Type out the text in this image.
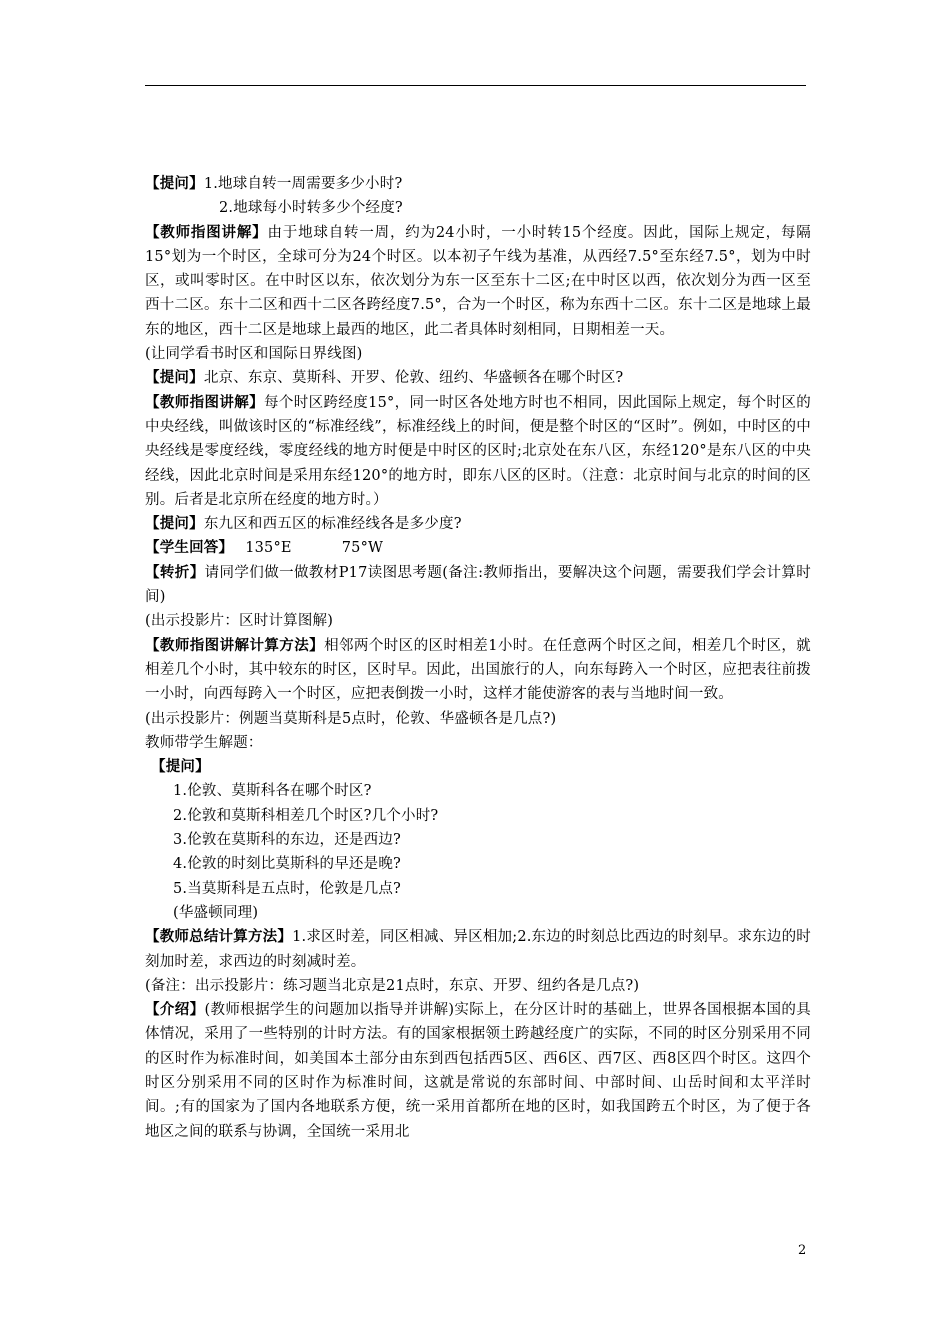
【提问】1.地球自转一周需要多少小时?

2.地球每小时转多少个经度?

【教师指图讲解】由于地球自转一周，约为24小时，一小时转15个经度。因此，国际上规定，每隔15°划为一个时区，全球可分为24个时区。以本初子午线为基准，从西经7.5°至东经7.5°，划为中时区，或叫零时区。在中时区以东，依次划分为东一区至东十二区;在中时区以西，依次划分为西一区至西十二区。东十二区和西十二区各跨经度7.5°，合为一个时区，称为东西十二区。东十二区是地球上最东的地区，西十二区是地球上最西的地区，此二者具体时刻相同，日期相差一天。

(让同学看书时区和国际日界线图)

【提问】北京、东京、莫斯科、开罗、伦敦、纽约、华盛顿各在哪个时区?

【教师指图讲解】每个时区跨经度15°，同一时区各处地方时也不相同，因此国际上规定，每个时区的中央经线，叫做该时区的“标准经线”，标准经线上的时间，便是整个时区的“区时”。例如，中时区的中央经线是零度经线，零度经线的地方时便是中时区的区时;北京处在东八区，东经120°是东八区的中央经线，因此北京时间是采用东经120°的地方时，即东八区的区时。（注意：北京时间与北京的时间的区别。后者是北京所在经度的地方时。）

【提问】东九区和西五区的标准经线各是多少度?

【学生回答】 135°E	75°W

【转折】请同学们做一做教材P17读图思考题(备注:教师指出，要解决这个问题，需要我们学会计算时间)

(出示投影片：区时计算图解)

【教师指图讲解计算方法】相邻两个时区的区时相差1小时。在任意两个时区之间，相差几个时区，就相差几个小时，其中较东的时区，区时早。因此，出国旅行的人，向东每跨入一个时区，应把表往前拨一小时，向西每跨入一个时区，应把表倒拨一小时，这样才能使游客的表与当地时间一致。

(出示投影片：例题当莫斯科是5点时，伦敦、华盛顿各是几点?)

教师带学生解题：

【提问】

1.伦敦、莫斯科各在哪个时区?

2.伦敦和莫斯科相差几个时区?几个小时?

3.伦敦在莫斯科的东边，还是西边?

4.伦敦的时刻比莫斯科的早还是晚?

5.当莫斯科是五点时，伦敦是几点?

(华盛顿同理)

【教师总结计算方法】1.求区时差，同区相减、异区相加;2.东边的时刻总比西边的时刻早。求东边的时刻加时差，求西边的时刻减时差。

(备注：出示投影片：练习题当北京是21点时，东京、开罗、纽约各是几点?)

【介绍】(教师根据学生的问题加以指导并讲解)实际上，在分区计时的基础上，世界各国根据本国的具体情况，采用了一些特别的计时方法。有的国家根据领土跨越经度广的实际，不同的时区分别采用不同的区时作为标准时间，如美国本土部分由东到西包括西5区、西6区、西7区、西8区四个时区。这四个时区分别采用不同的区时作为标准时间，这就是常说的东部时间、中部时间、山岳时间和太平洋时间。;有的国家为了国内各地联系方便，统一采用首都所在地的区时，如我国跨五个时区，为了便于各地区之间的联系与协调，全国统一采用北

2
